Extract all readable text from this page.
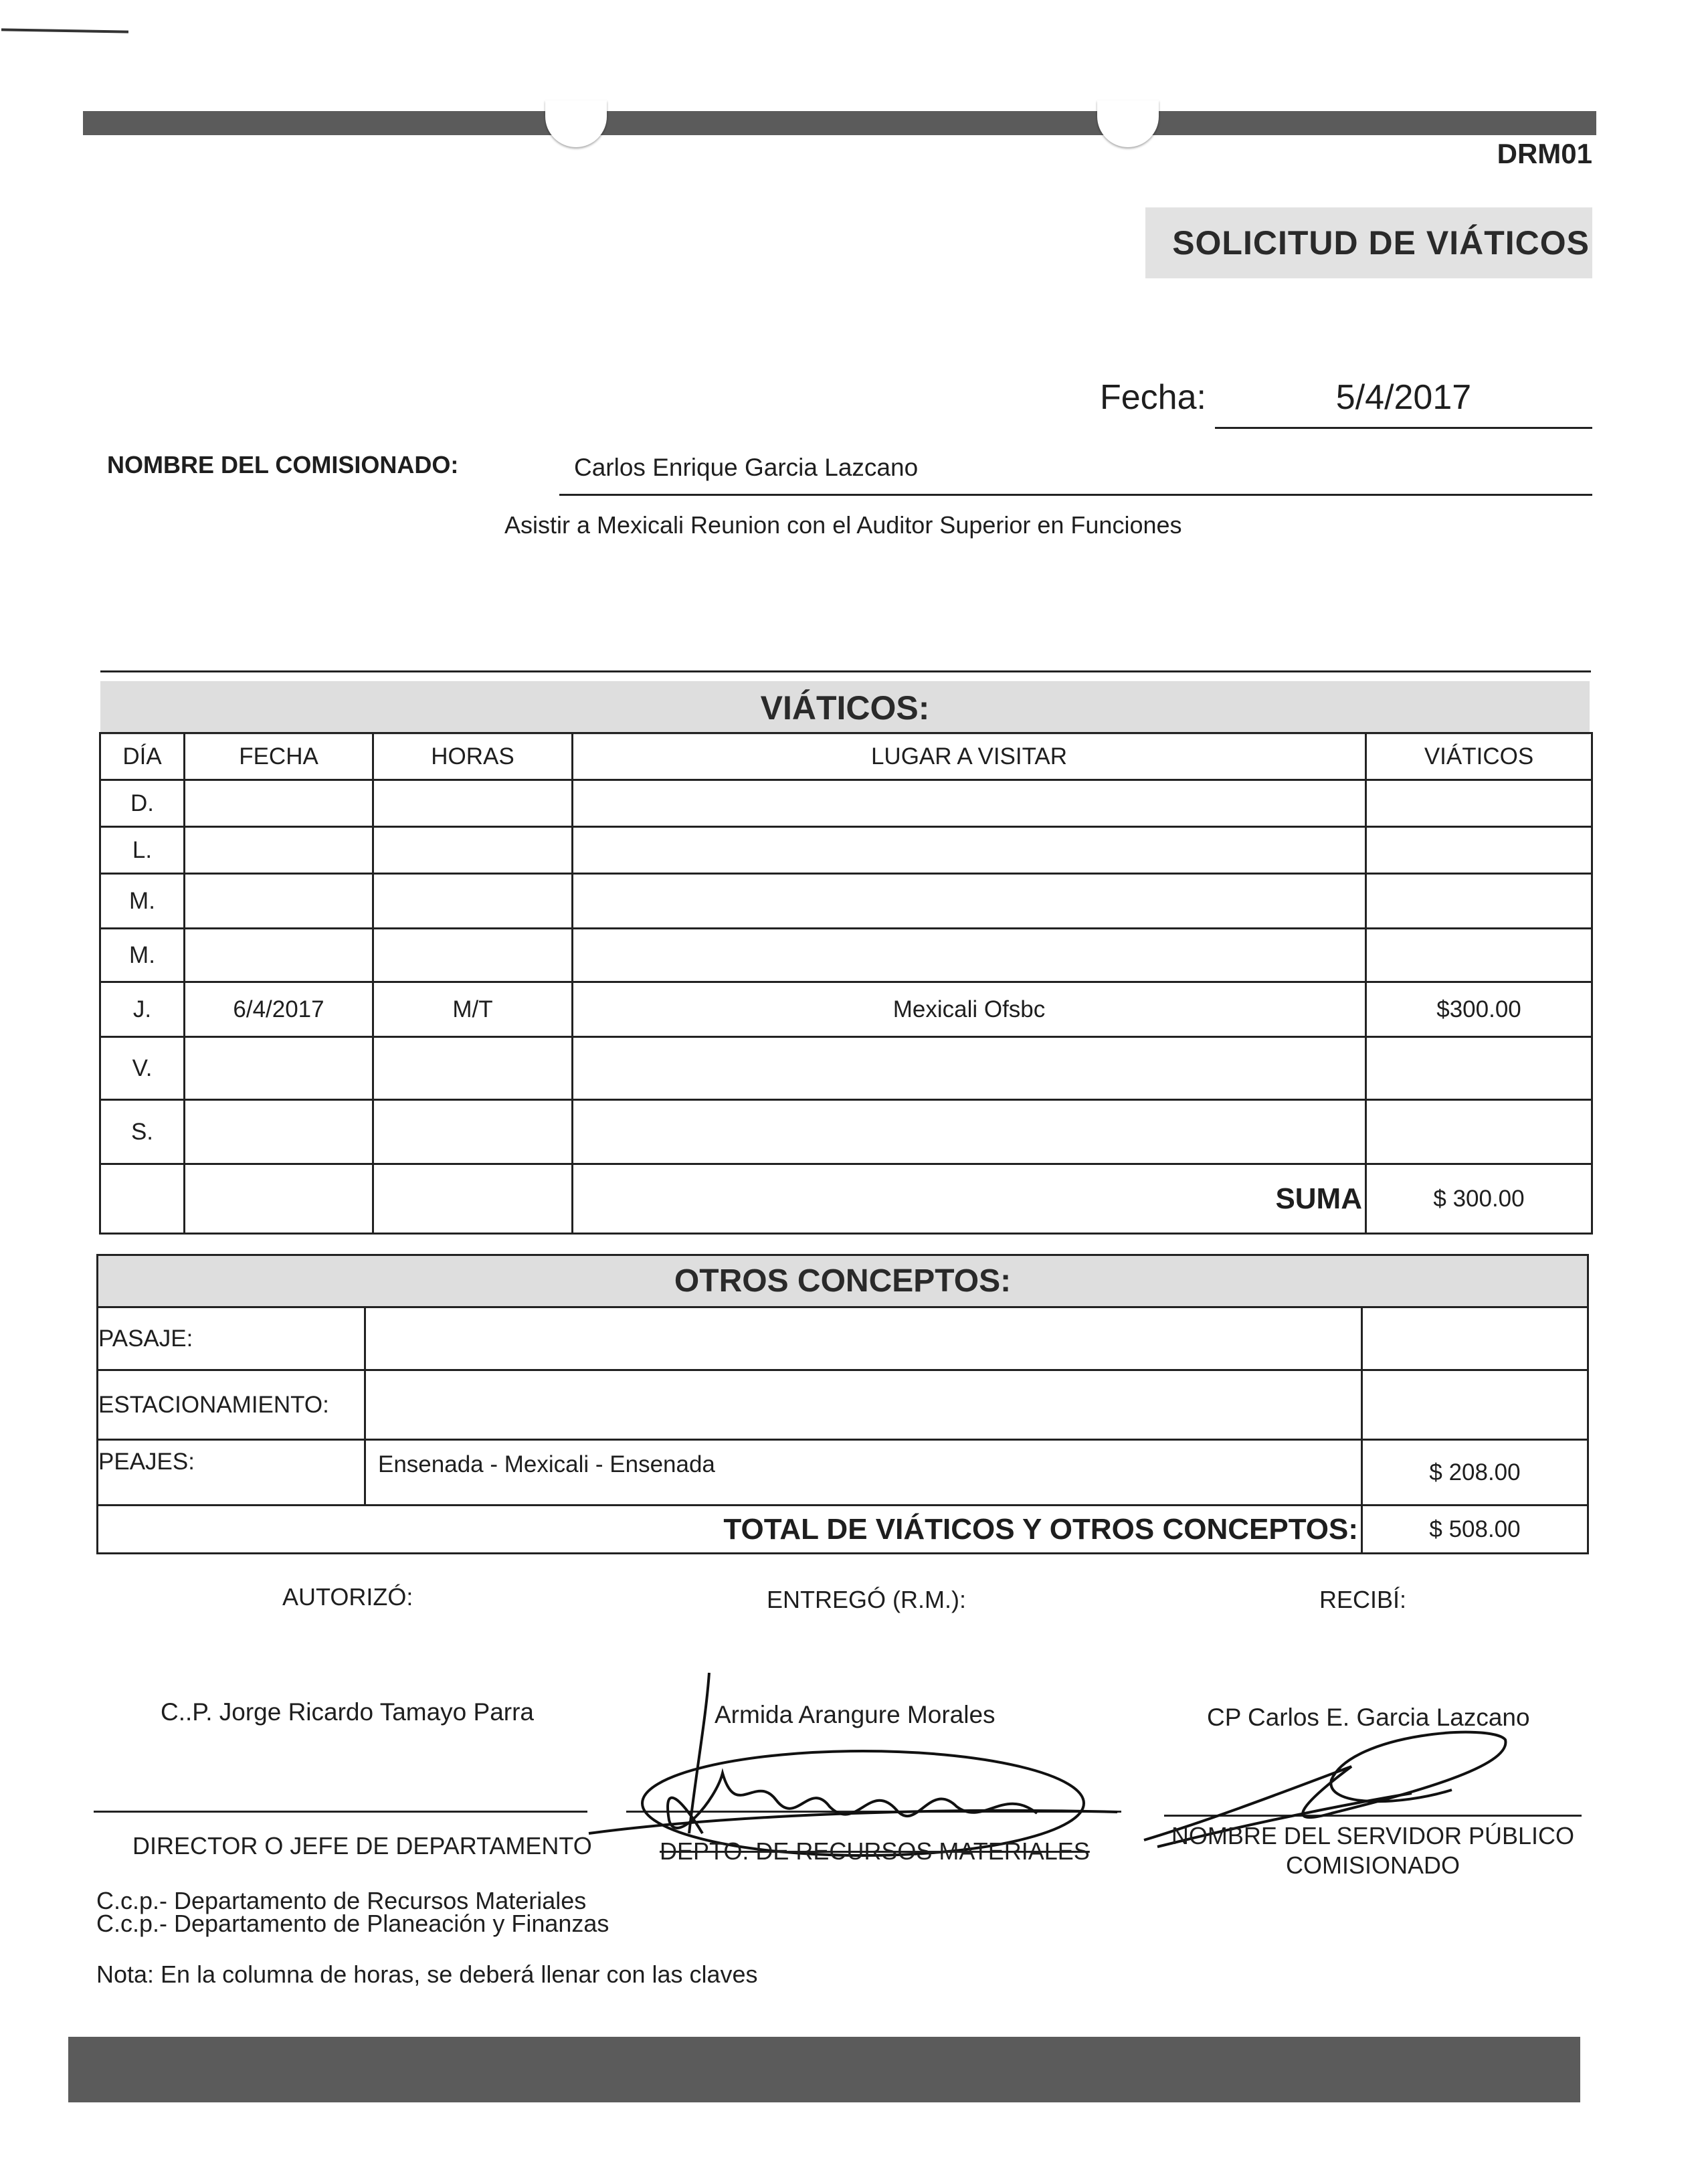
DRM01
SOLICITUD DE VIÁTICOS
Fecha:	5/4/2017
NOMBRE DEL COMISIONADO:	Carlos Enrique Garcia Lazcano
Asistir a Mexicali Reunion con el Auditor Superior en Funciones
VIÁTICOS:
DÍA	FECHA	HORAS	LUGAR A VISITAR	VIÁTICOS
D.				
L.				
M.				
M.				
J.	6/4/2017	M/T	Mexicali Ofsbc	$300.00
V.				
S.				
			SUMA	$ 300.00
OTROS CONCEPTOS:		
PASAJE:		
ESTACIONAMIENTO:		
PEAJES:	Ensenada - Mexicali - Ensenada	$ 208.00
TOTAL DE VIÁTICOS Y OTROS CONCEPTOS:		$ 508.00
AUTORIZÓ:	ENTREGÓ (R.M.):	RECIBÍ:
C..P. Jorge Ricardo Tamayo Parra	Armida Arangure Morales	CP Carlos E. Garcia Lazcano
DIRECTOR O JEFE DE DEPARTAMENTO	DEPTO. DE RECURSOS MATERIALES
NOMBRE DEL SERVIDOR PÚBLICO
COMISIONADO
C.c.p.- Departamento de Recursos Materiales
C.c.p.- Departamento de Planeación y Finanzas
Nota: En la columna de horas, se deberá llenar con las claves
